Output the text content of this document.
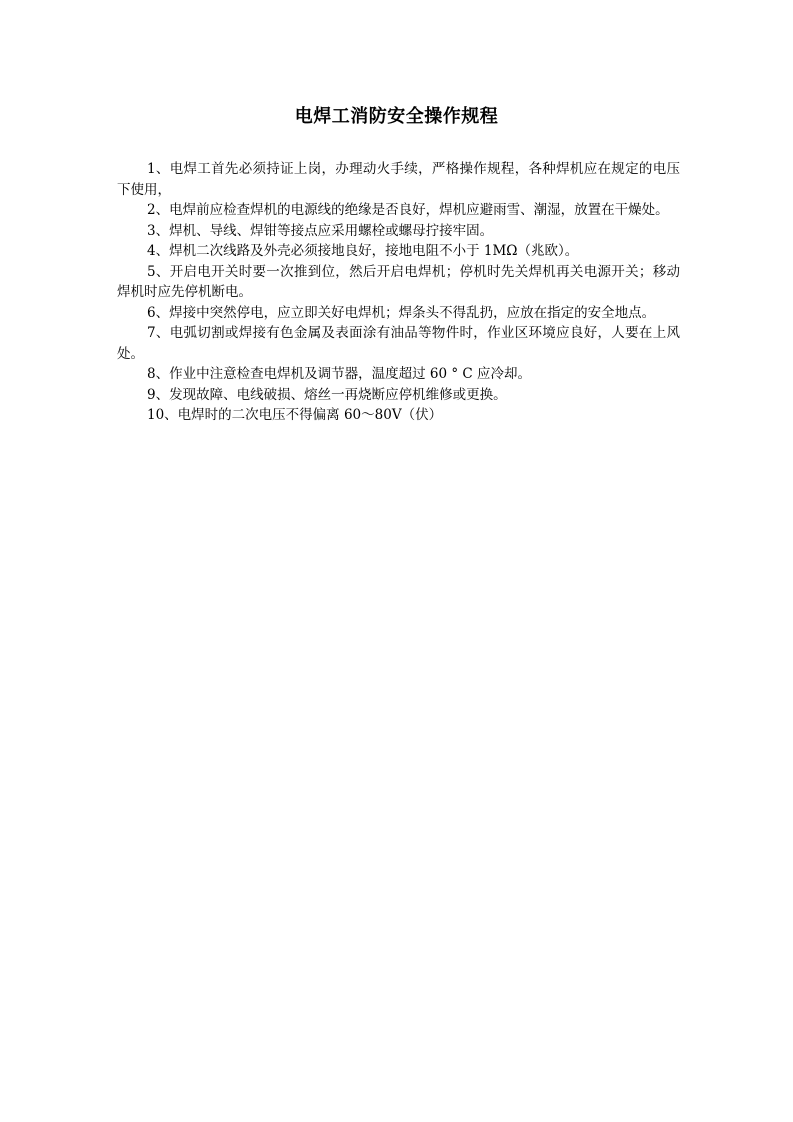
电焊工消防安全操作规程

1、电焊工首先必须持证上岗，办理动火手续，严格操作规程，各种焊机应在规定的电压下使用，

2、电焊前应检查焊机的电源线的绝缘是否良好，焊机应避雨雪、潮湿，放置在干燥处。

3、焊机、导线、焊钳等接点应采用螺栓或螺母拧接牢固。

4、焊机二次线路及外壳必须接地良好，接地电阻不小于 1MΩ（兆欧）。

5、开启电开关时要一次推到位，然后开启电焊机；停机时先关焊机再关电源开关；移动焊机时应先停机断电。

6、焊接中突然停电，应立即关好电焊机；焊条头不得乱扔，应放在指定的安全地点。

7、电弧切割或焊接有色金属及表面涂有油品等物件时，作业区环境应良好，人要在上风处。

8、作业中注意检查电焊机及调节器，温度超过 60 ° C 应冷却。

9、发现故障、电线破损、熔丝一再烧断应停机维修或更换。

10、电焊时的二次电压不得偏离 60～80V（伏）
